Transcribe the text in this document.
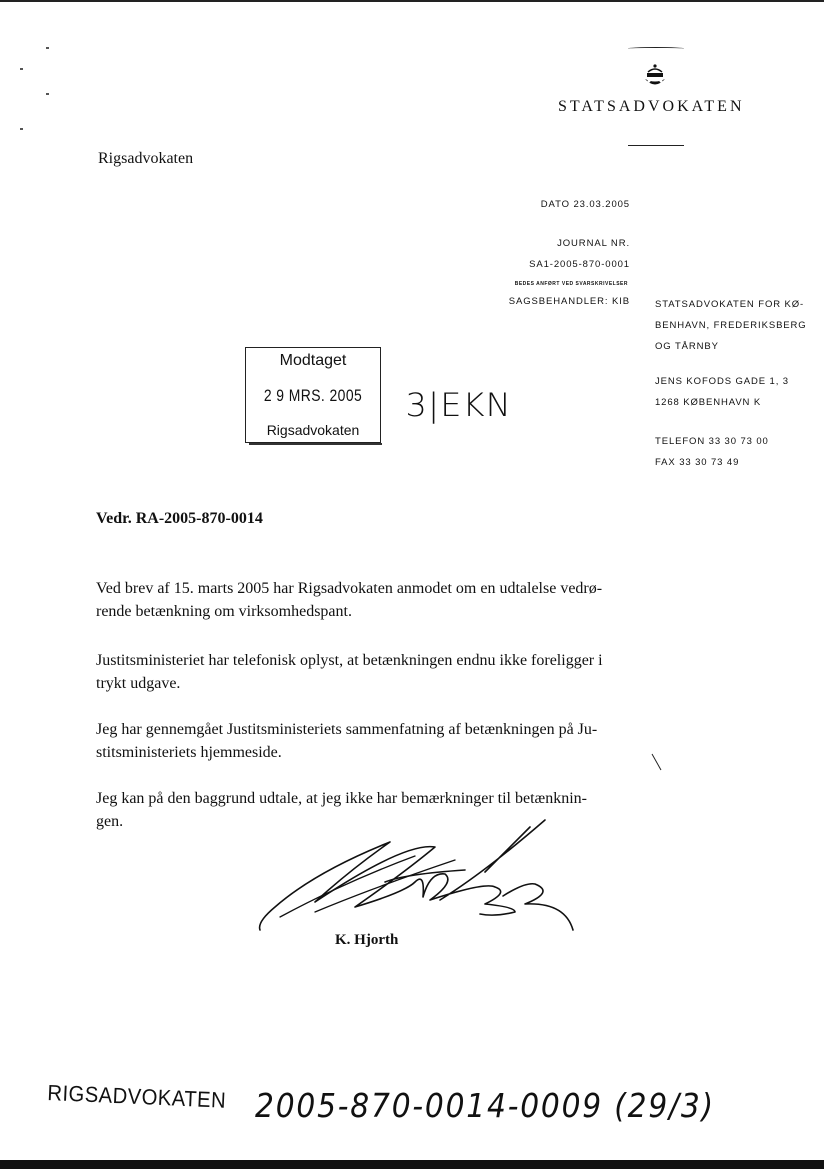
STATSADVOKATEN
Rigsadvokaten
DATO 23.03.2005
JOURNAL NR.
SA1-2005-870-0001
BEDES ANFØRT VED SVARSKRIVELSER
SAGSBEHANDLER: KIB	STATSADVOKATEN FOR KØ-
BENHAVN, FREDERIKSBERG
OG TÅRNBY
JENS KOFODS GADE 1, 3
1268 KØBENHAVN K
TELEFON 33 30 73 00
FAX 33 30 73 49
Modtaget
2 9 MRS. 2005
Rigsadvokaten
3|EKN
Vedr. RA-2005-870-0014
Ved brev af 15. marts 2005 har Rigsadvokaten anmodet om en udtalelse vedrø-
rende betænkning om virksomhedspant.
Justitsministeriet har telefonisk oplyst, at betænkningen endnu ikke foreligger i
trykt udgave.
Jeg har gennemgået Justitsministeriets sammenfatning af betænkningen på Ju-
stitsministeriets hjemmeside.
Jeg kan på den baggrund udtale, at jeg ikke har bemærkninger til betænknin-
gen.
K. Hjorth
RIGSADVOKATEN 2005-870-0014-0009 (29/3)
